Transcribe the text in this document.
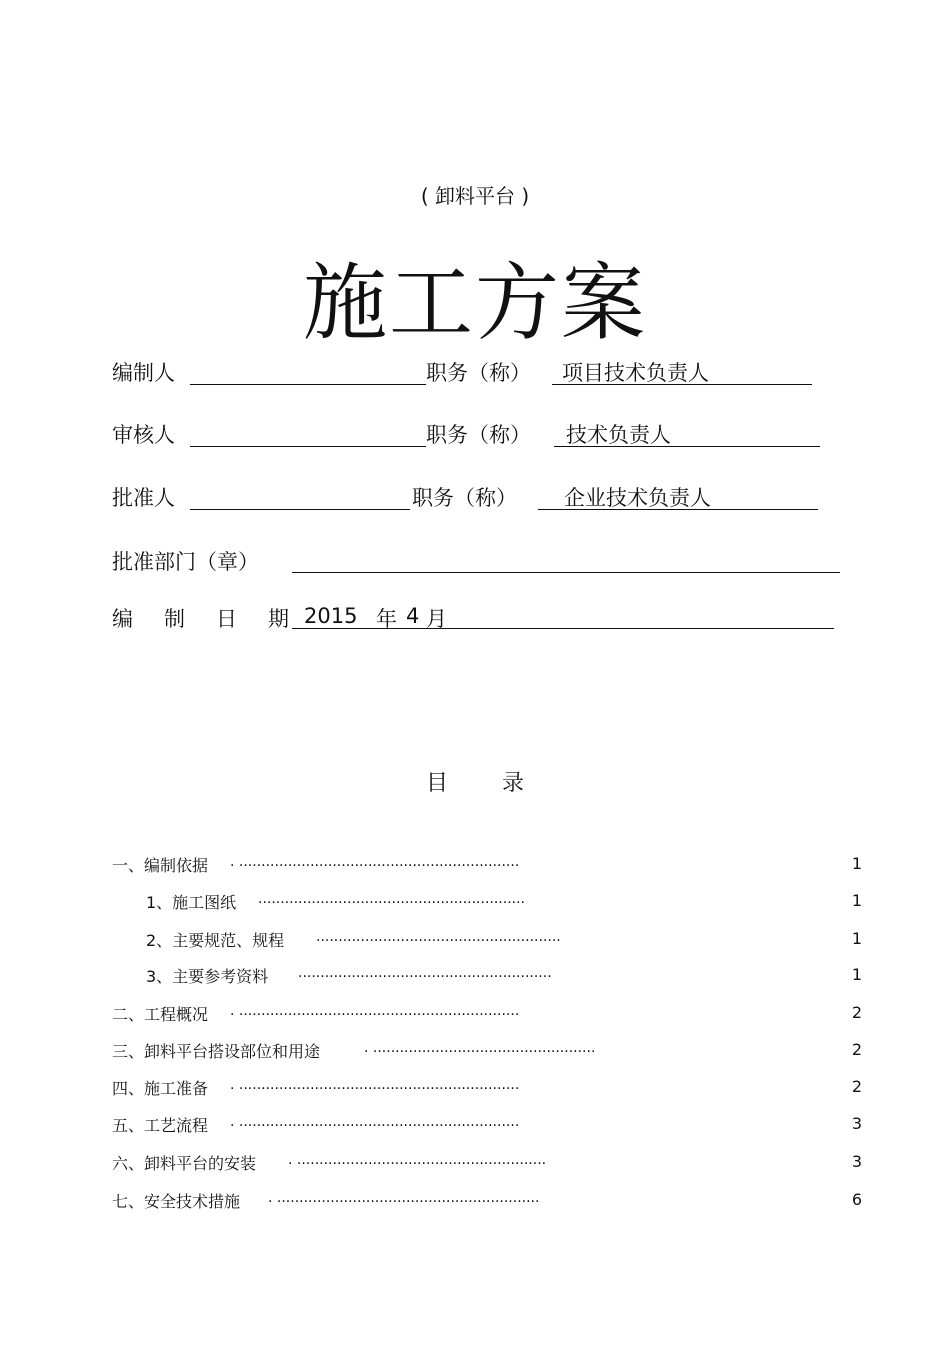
( 卸料平台 )
施工方案
编制人	职务（称） 项目技术负责人
审核人	职务（称） 技术负责人
批准人	职务（称） 企业技术负责人
批准部门（章）
编 制 日 期 2015 年 4 月
目 录
一、编制依据 . ...............................................................	1
1、施工图纸 ............................................................	1
2、主要规范、规程 .......................................................	1
3、主要参考资料 .........................................................	1
二、工程概况 . ...............................................................	2
三、卸料平台搭设部位和用途	. ..................................................	2
四、施工准备 . ...............................................................	2
五、工艺流程 . ...............................................................	3
六、卸料平台的安装 . ........................................................	3
七、安全技术措施 . ...........................................................	6
